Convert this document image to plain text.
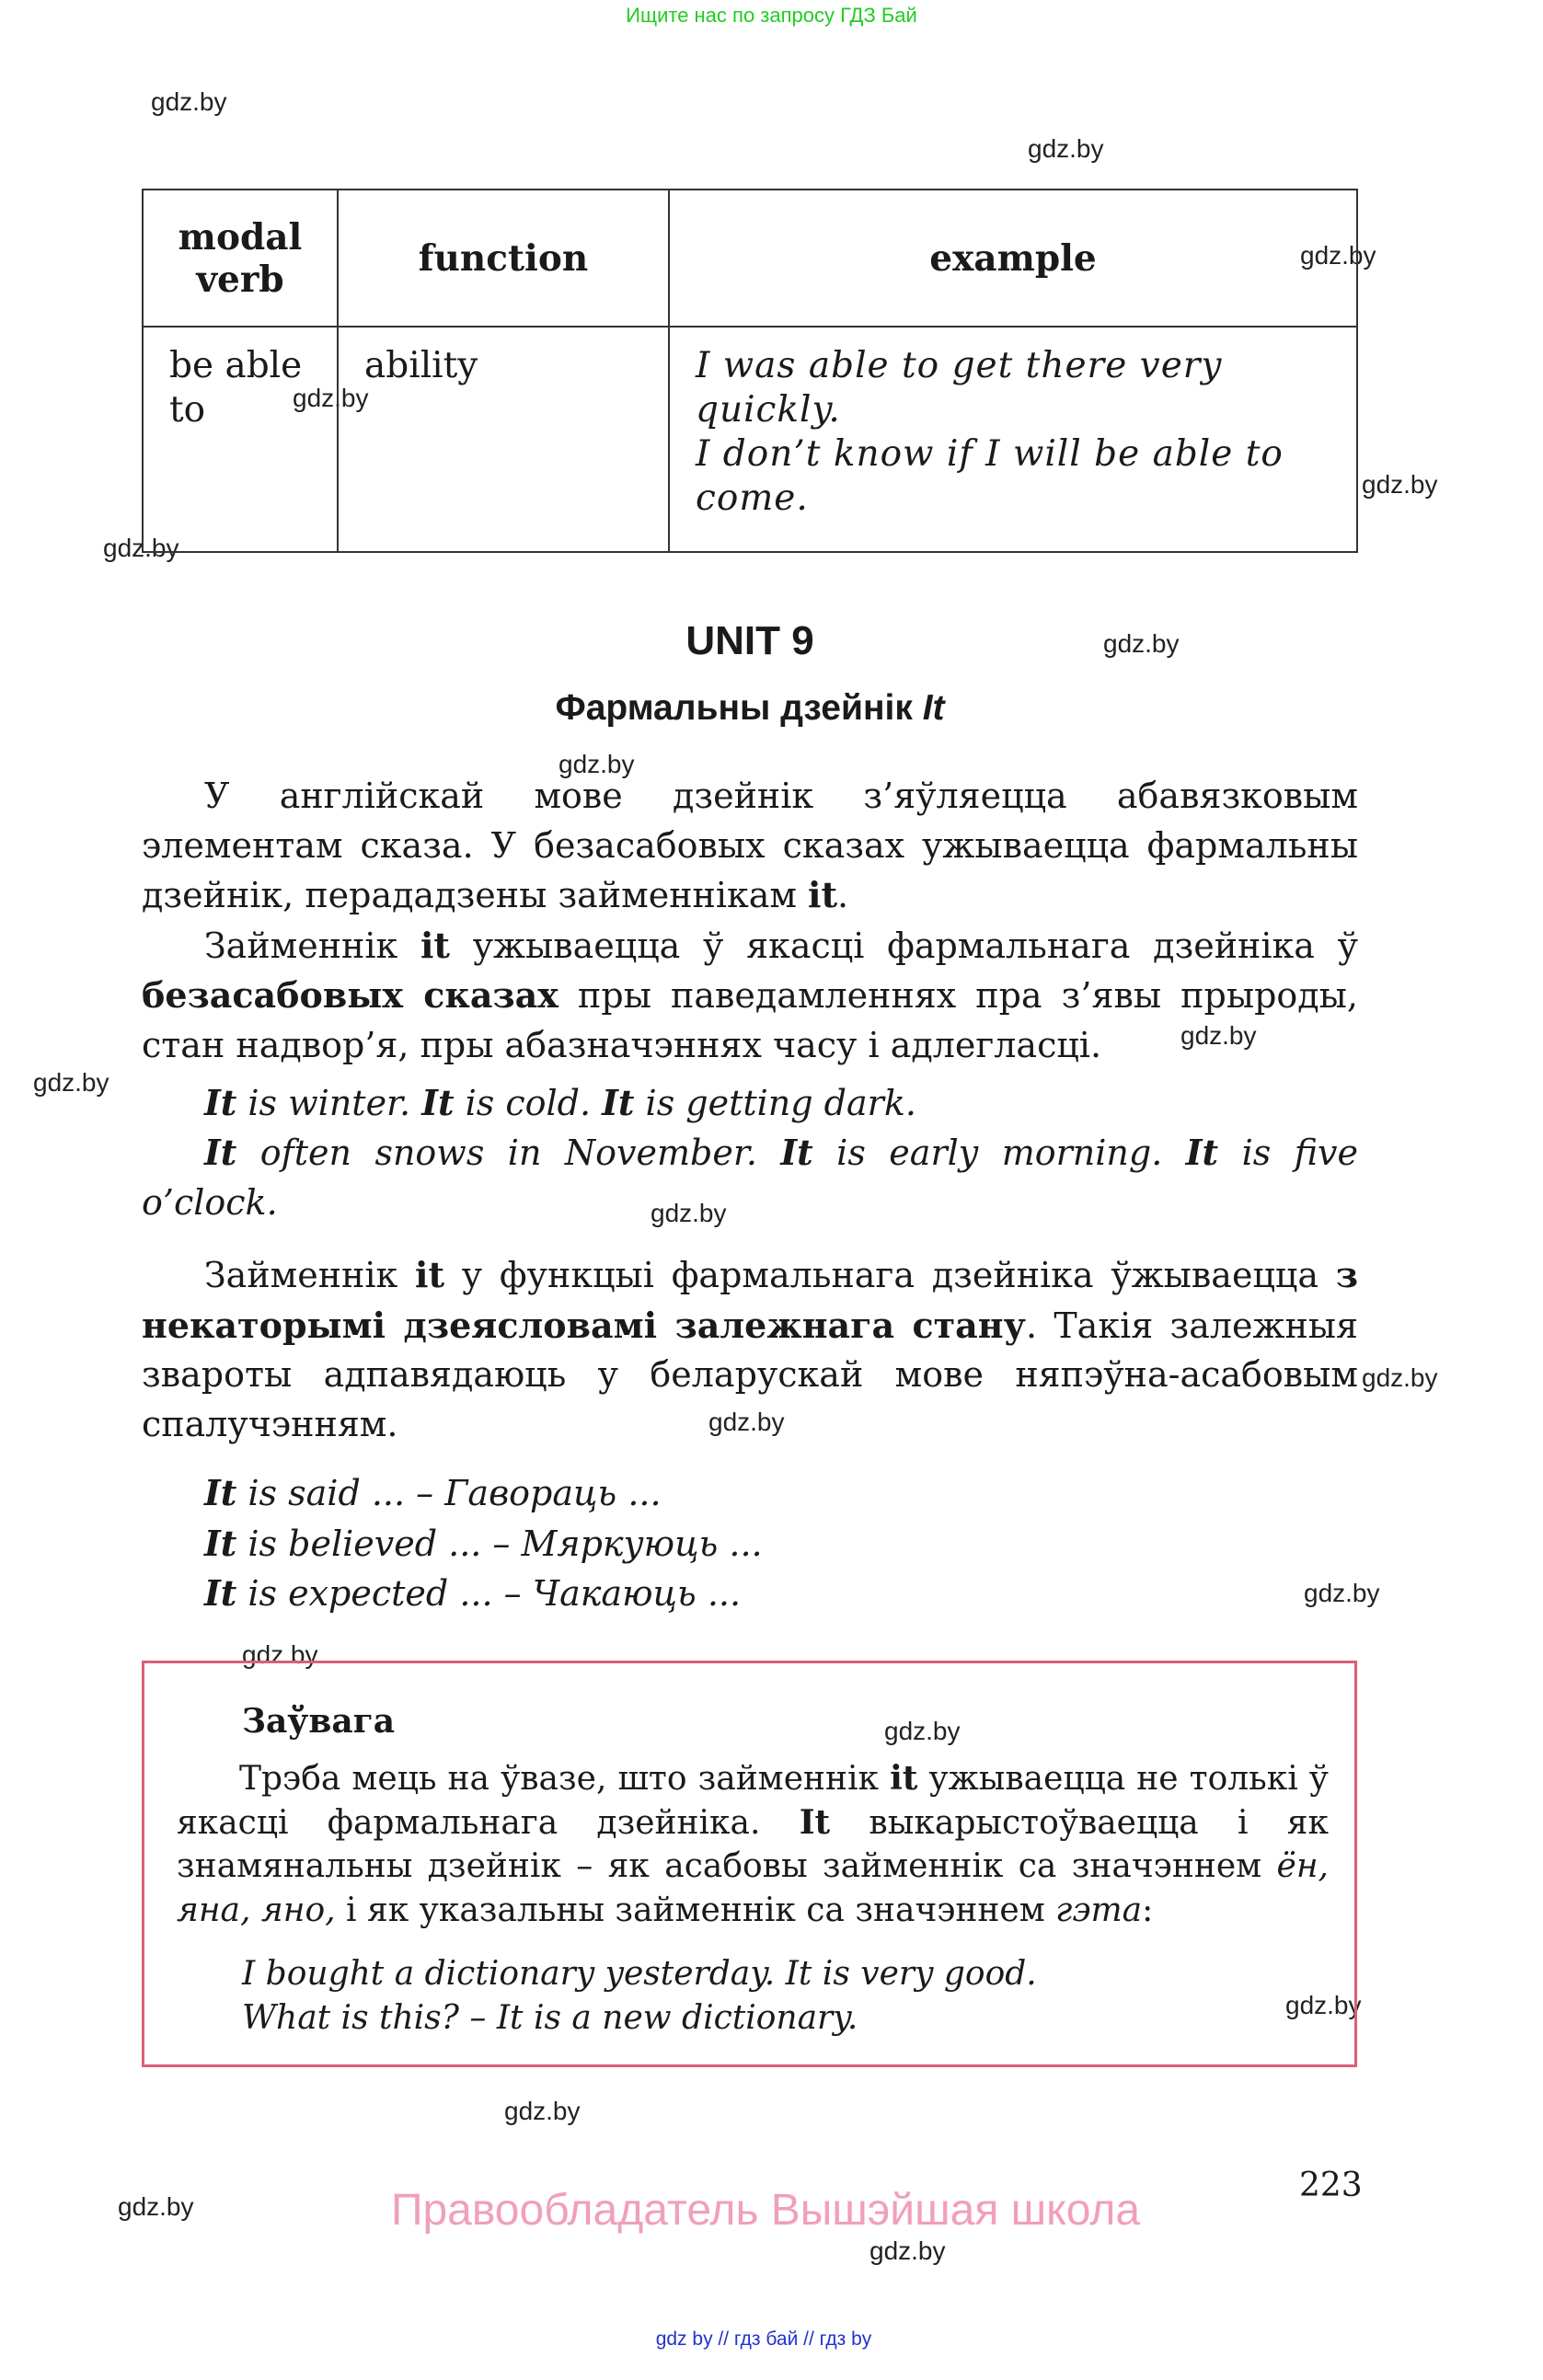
Ищите нас по запросу ГДЗ Бай
gdz.by
gdz.by
gdz.by
gdz.by
gdz.by
gdz.by
gdz.by
gdz.by
gdz.by
gdz.by
gdz.by
gdz.by
gdz.by
gdz.by
gdz.by
gdz.by
gdz.by
gdz.by
gdz.by
gdz.by
modal
verb	function	example
be able to	ability	I was able to get there very quickly.
I don’t know if I will be able to come.
UNIT 9
Фармальны дзейнік It

У англійскай мове дзейнік з’яўляецца абавязковым элементам сказа. У безасабовых сказах ужываецца фармальны дзейнік, перададзены займеннікам it.

Займеннік it ужываецца ў якасці фармальнага дзейніка ў безасабовых сказах пры паведамленнях пра з’явы прыроды, стан надвор’я, пры абазначэннях часу і адлегласці.

It is winter. It is cold. It is getting dark.
It often snows in November. It is early morning. It is five o’clock.

Займеннік it у функцыі фармальнага дзейніка ўжываецца з некаторымі дзеясловамі залежнага стану. Такія залежныя звароты адпавядаюць у беларускай мове няпэўна-асабовым спалучэнням.

It is said ... – Гавораць ...
It is believed ... – Мяркуюць ...
It is expected ... – Чакаюць ...
Заўвага
Трэба мець на ўвазе, што займеннік it ужываецца не толькі ў якасці фармальнага дзейніка. It выкарыстоўваецца і як знамянальны дзейнік – як асабовы займеннік са значэннем ён, яна, яно, і як указальны займеннік са значэннем гэта:
I bought a dictionary yesterday. It is very good.
What is this? – It is a new dictionary.
223
Правообладатель Вышэйшая школа
gdz by // гдз бай // гдз by
